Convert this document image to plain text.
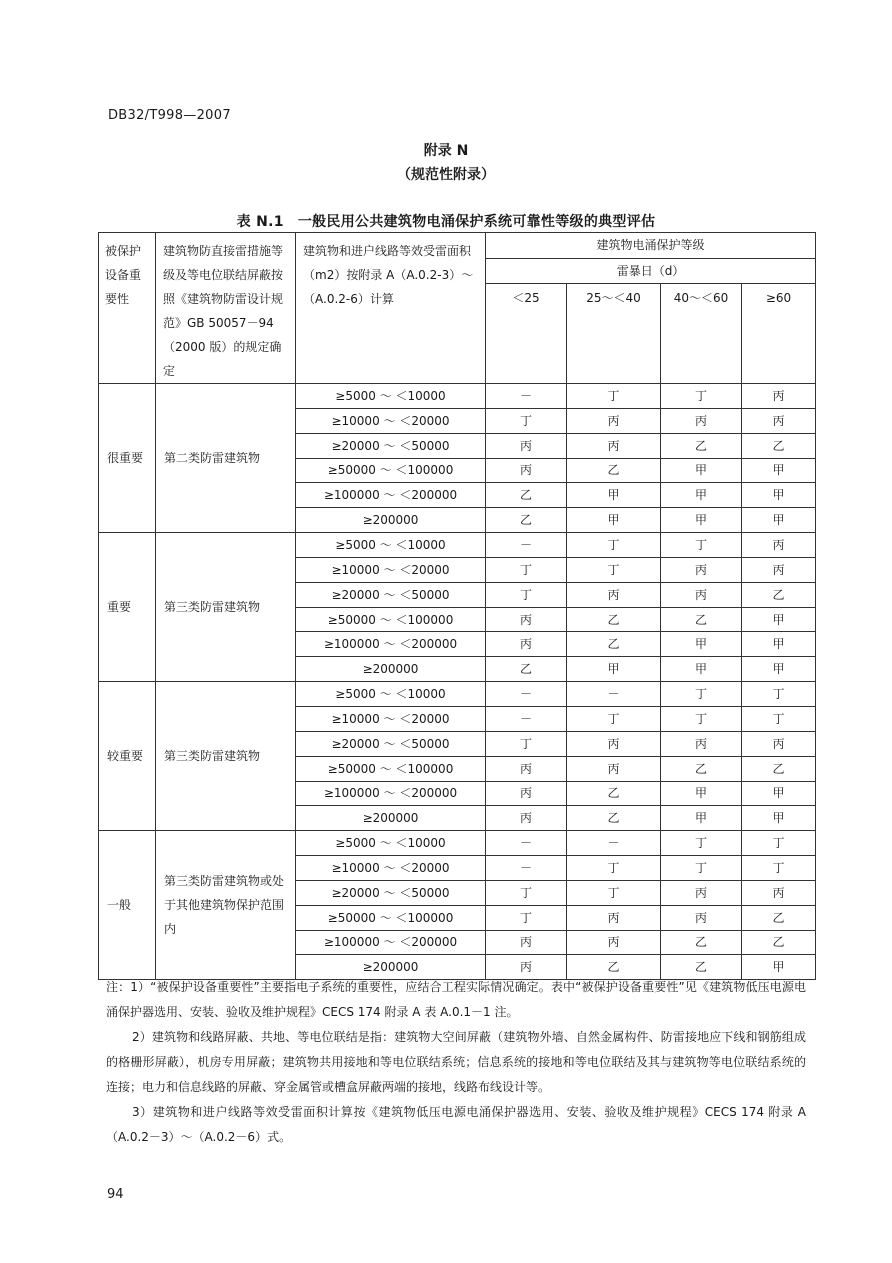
DB32/T998—2007
附录 N
（规范性附录）
表 N.1 一般民用公共建筑物电涌保护系统可靠性等级的典型评估
被保护设备重要性	建筑物防直接雷措施等级及等电位联结屏蔽按照《建筑物防雷设计规范》GB 50057－94（2000 版）的规定确定	建筑物和进户线路等效受雷面积（m2）按附录 A（A.0.2-3）～（A.0.2-6）计算	建筑物电涌保护等级			
			雷暴日（d）			
			＜25	25～＜40	40～＜60	≥60
很重要	第二类防雷建筑物	≥5000 ～ ＜10000	－	丁	丁	丙
		≥10000 ～ ＜20000	丁	丙	丙	丙
		≥20000 ～ ＜50000	丙	丙	乙	乙
		≥50000 ～ ＜100000	丙	乙	甲	甲
		≥100000 ～ ＜200000	乙	甲	甲	甲
		≥200000	乙	甲	甲	甲
重要	第三类防雷建筑物	≥5000 ～ ＜10000	－	丁	丁	丙
		≥10000 ～ ＜20000	丁	丁	丙	丙
		≥20000 ～ ＜50000	丁	丙	丙	乙
		≥50000 ～ ＜100000	丙	乙	乙	甲
		≥100000 ～ ＜200000	丙	乙	甲	甲
		≥200000	乙	甲	甲	甲
较重要	第三类防雷建筑物	≥5000 ～ ＜10000	－	－	丁	丁
		≥10000 ～ ＜20000	－	丁	丁	丁
		≥20000 ～ ＜50000	丁	丙	丙	丙
		≥50000 ～ ＜100000	丙	丙	乙	乙
		≥100000 ～ ＜200000	丙	乙	甲	甲
		≥200000	丙	乙	甲	甲
一般	第三类防雷建筑物或处于其他建筑物保护范围内	≥5000 ～ ＜10000	－	－	丁	丁
		≥10000 ～ ＜20000	－	丁	丁	丁
		≥20000 ～ ＜50000	丁	丁	丙	丙
		≥50000 ～ ＜100000	丁	丙	丙	乙
		≥100000 ～ ＜200000	丙	丙	乙	乙
		≥200000	丙	乙	乙	甲

注：1）“被保护设备重要性”主要指电子系统的重要性，应结合工程实际情况确定。表中“被保护设备重要性”见《建筑物低压电源电涌保护器选用、安装、验收及维护规程》CECS 174 附录 A 表 A.0.1－1 注。

2）建筑物和线路屏蔽、共地、等电位联结是指：建筑物大空间屏蔽（建筑物外墙、自然金属构件、防雷接地应下线和钢筋组成的格栅形屏蔽），机房专用屏蔽；建筑物共用接地和等电位联结系统；信息系统的接地和等电位联结及其与建筑物等电位联结系统的连接；电力和信息线路的屏蔽、穿金属管或槽盒屏蔽两端的接地，线路布线设计等。

3）建筑物和进户线路等效受雷面积计算按《建筑物低压电源电涌保护器选用、安装、验收及维护规程》CECS 174 附录 A（A.0.2－3）～（A.0.2－6）式。

94
